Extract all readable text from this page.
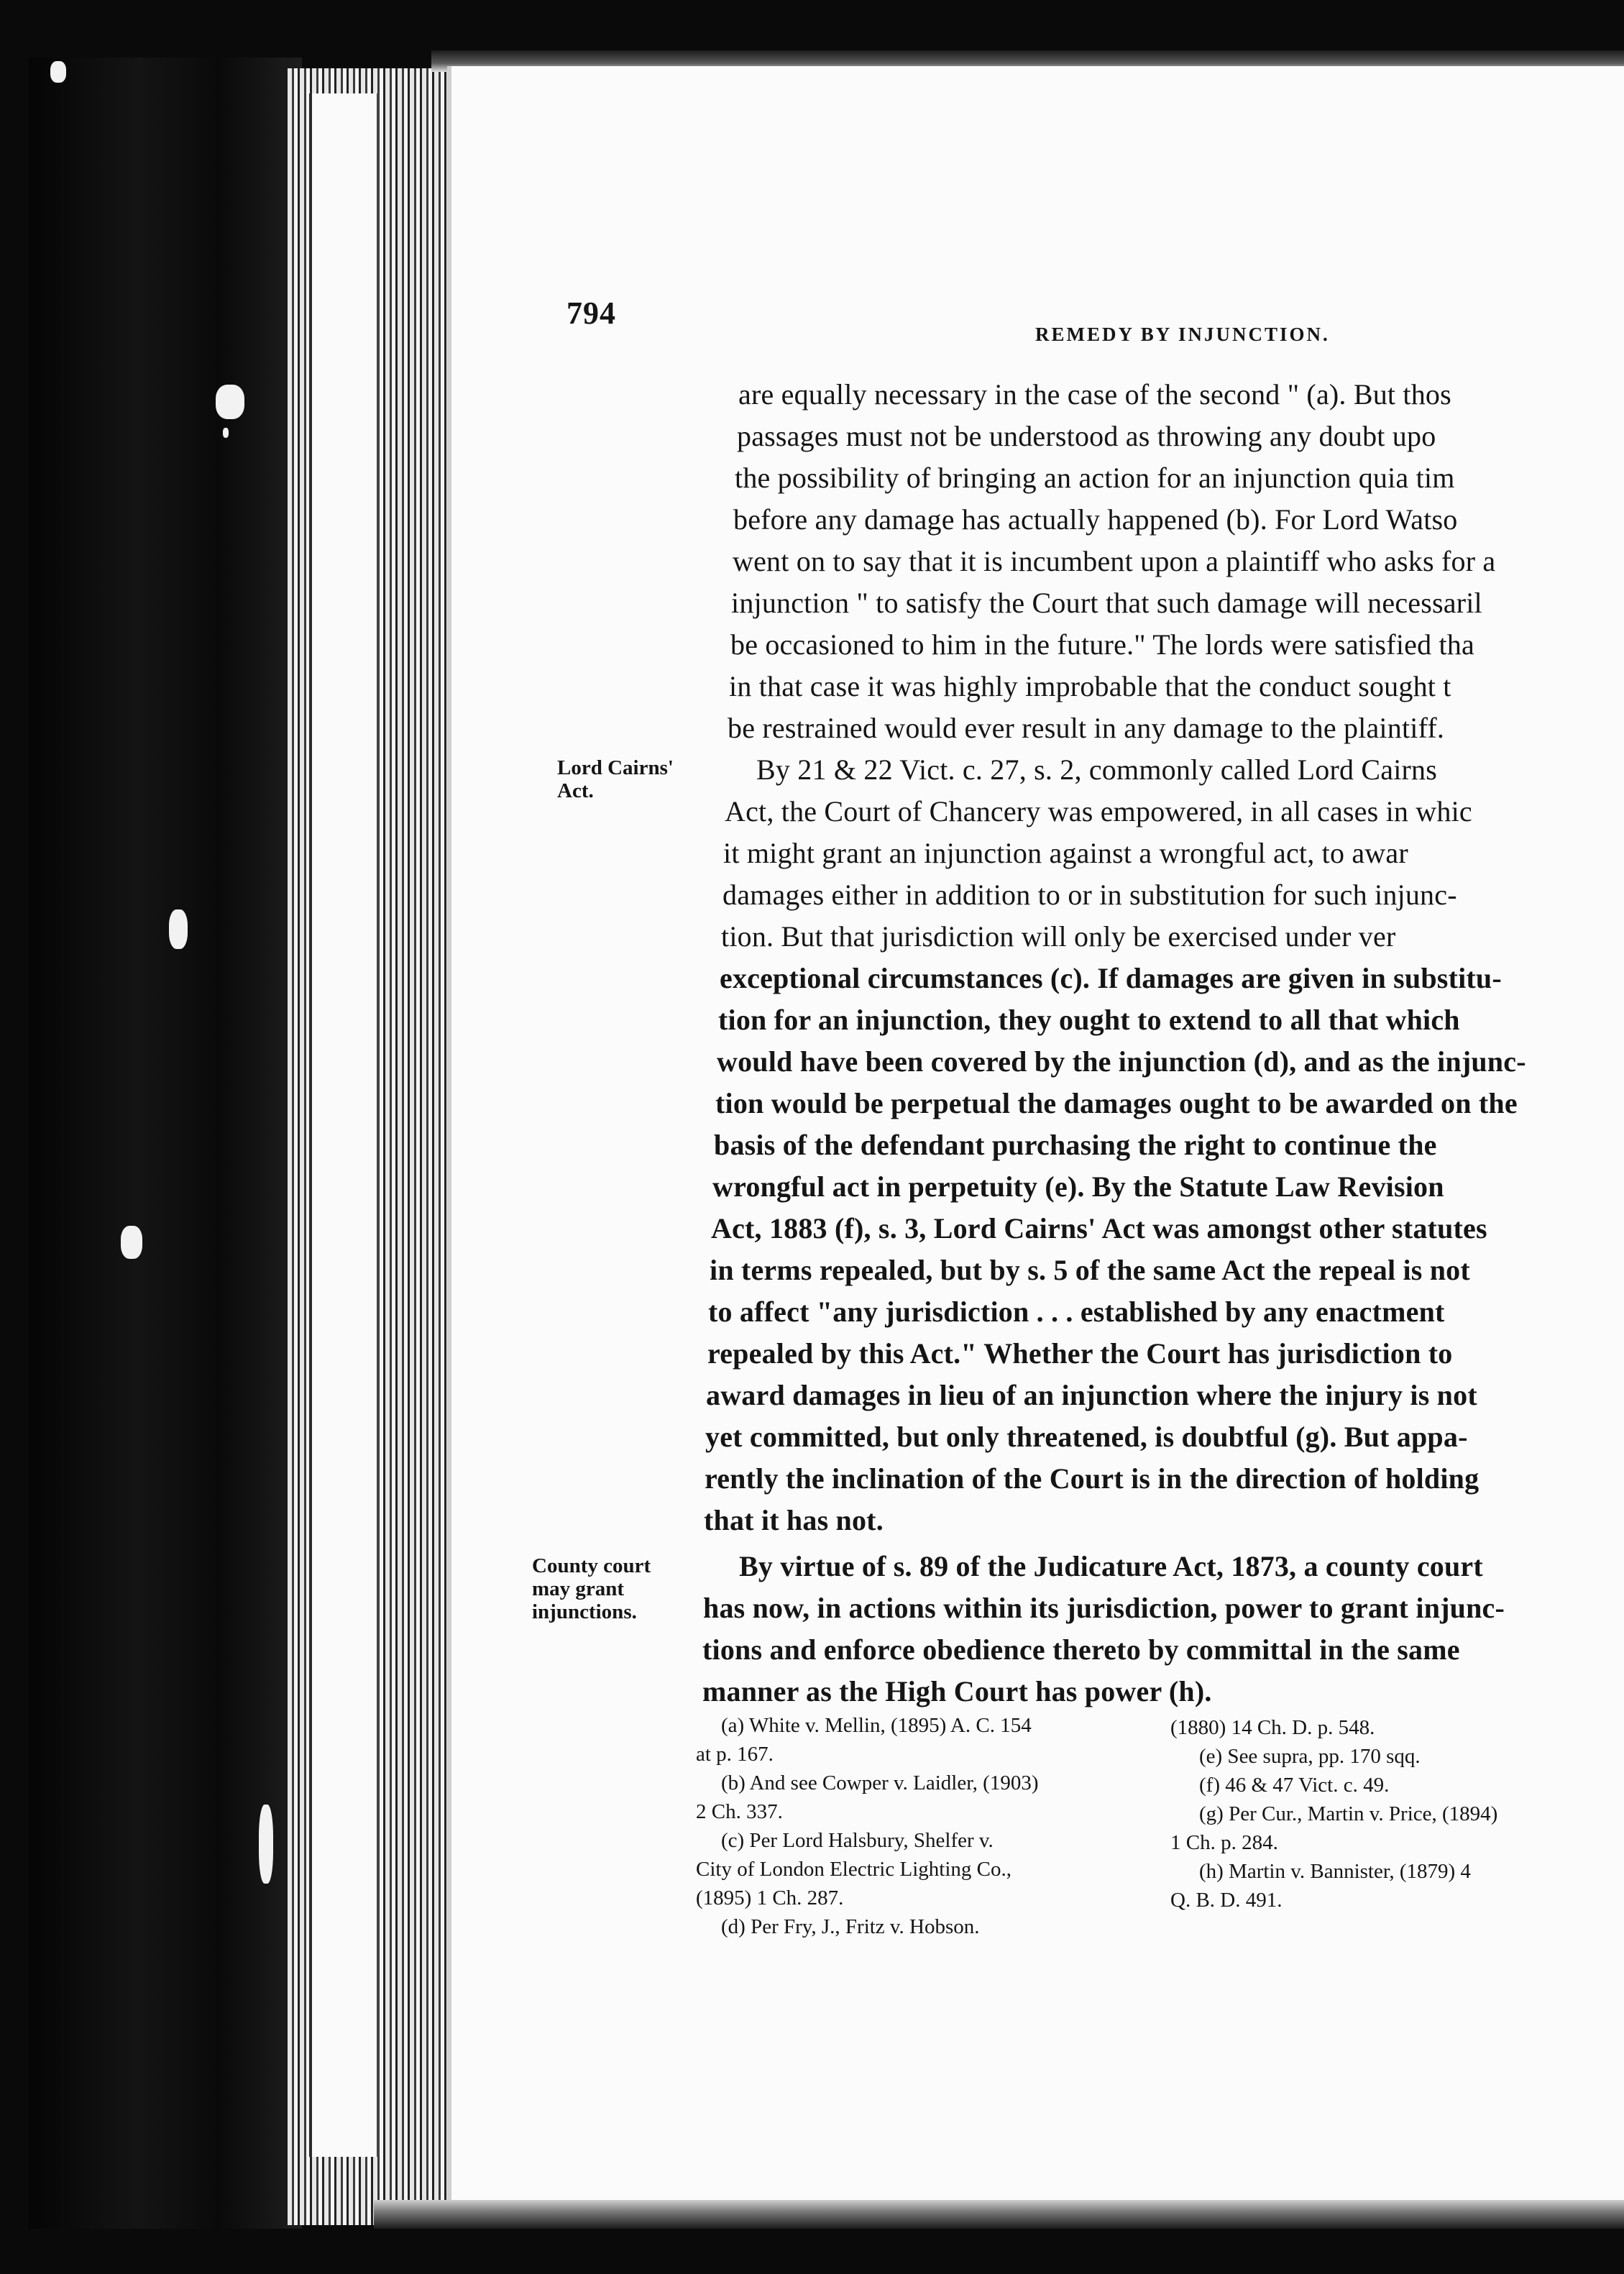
794
REMEDY BY INJUNCTION.
Lord Cairns'
Act.
County court
may grant
injunctions.
are equally necessary in the case of the second " (a). But thos
passages must not be understood as throwing any doubt upo
the possibility of bringing an action for an injunction quia tim
before any damage has actually happened (b). For Lord Watso
went on to say that it is incumbent upon a plaintiff who asks for a
injunction " to satisfy the Court that such damage will necessaril
be occasioned to him in the future." The lords were satisfied tha
in that case it was highly improbable that the conduct sought t
be restrained would ever result in any damage to the plaintiff.
By 21 & 22 Vict. c. 27, s. 2, commonly called Lord Cairns
Act, the Court of Chancery was empowered, in all cases in whic
it might grant an injunction against a wrongful act, to awar
damages either in addition to or in substitution for such injunc-
tion. But that jurisdiction will only be exercised under ver
exceptional circumstances (c). If damages are given in substitu-
tion for an injunction, they ought to extend to all that which
would have been covered by the injunction (d), and as the injunc-
tion would be perpetual the damages ought to be awarded on the
basis of the defendant purchasing the right to continue the
wrongful act in perpetuity (e). By the Statute Law Revision
Act, 1883 (f), s. 3, Lord Cairns' Act was amongst other statutes
in terms repealed, but by s. 5 of the same Act the repeal is not
to affect "any jurisdiction . . . established by any enactment
repealed by this Act." Whether the Court has jurisdiction to
award damages in lieu of an injunction where the injury is not
yet committed, but only threatened, is doubtful (g). But appa-
rently the inclination of the Court is in the direction of holding
that it has not.
By virtue of s. 89 of the Judicature Act, 1873, a county court
has now, in actions within its jurisdiction, power to grant injunc-
tions and enforce obedience thereto by committal in the same
manner as the High Court has power (h).
(a) White v. Mellin, (1895) A. C. 154
at p. 167.
(b) And see Cowper v. Laidler, (1903)
2 Ch. 337.
(c) Per Lord Halsbury, Shelfer v.
City of London Electric Lighting Co.,
(1895) 1 Ch. 287.
(d) Per Fry, J., Fritz v. Hobson.
(1880) 14 Ch. D. p. 548.
(e) See supra, pp. 170 sqq.
(f) 46 & 47 Vict. c. 49.
(g) Per Cur., Martin v. Price, (1894)
1 Ch. p. 284.
(h) Martin v. Bannister, (1879) 4
Q. B. D. 491.
